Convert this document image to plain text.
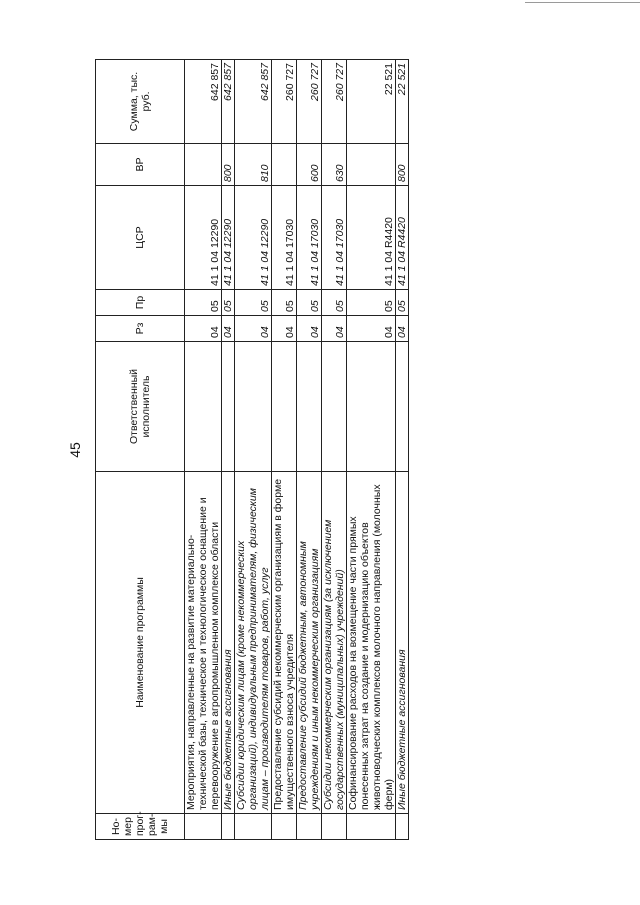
45
Но-мер прог-рам-мы	Наименование программы	Ответственный исполнитель	Рз	Пр	ЦСР	ВР	Сумма, тыс. руб.
	Мероприятия, направленные на развитие материально-технической базы, техническое и технологическое оснащение и перевооружение в агропромышленном комплексе области		04	05	41 1 04 12290		642 857
	Иные бюджетные ассигнования		04	05	41 1 04 12290	800	642 857
	Субсидии юридическим лицам (кроме некоммерческих организаций), индивидуальным предпринимателям, физическим лицам – производителям товаров, работ, услуг		04	05	41 1 04 12290	810	642 857
	Предоставление субсидий некоммерческим организациям в форме имущественного взноса учредителя		04	05	41 1 04 17030		260 727
	Предоставление субсидий бюджетным, автономным учреждениям и иным некоммерческим организациям		04	05	41 1 04 17030	600	260 727
	Субсидии некоммерческим организациям (за исключением государственных (муниципальных) учреждений)		04	05	41 1 04 17030	630	260 727
	Софинансирование расходов на возмещение части прямых понесенных затрат на создание и модернизацию объектов животноводческих комплексов молочного направления (молочных ферм)		04	05	41 1 04 R4420		22 521
	Иные бюджетные ассигнования		04	05	41 1 04 R4420	800	22 521
